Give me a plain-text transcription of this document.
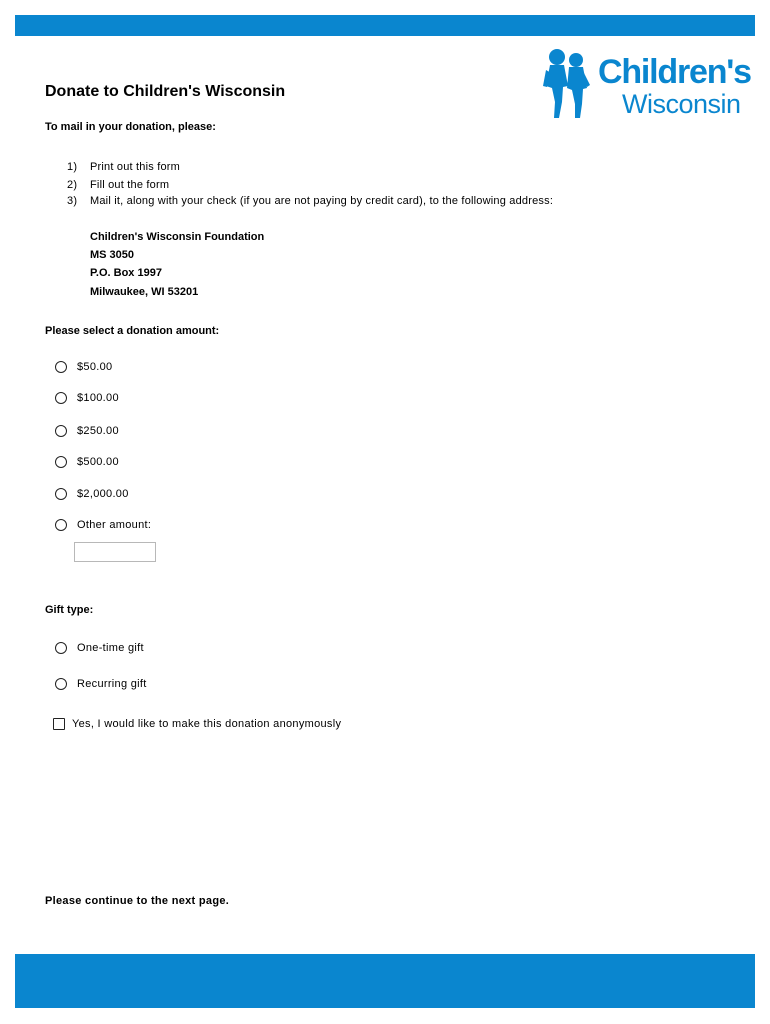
Children's
Wisconsin
Donate to Children's Wisconsin
To mail in your donation, please:
1) Print out this form
2) Fill out the form
3) Mail it, along with your check (if you are not paying by credit card), to the following address:
Children's Wisconsin Foundation
MS 3050
P.O. Box 1997
Milwaukee, WI 53201
Please select a donation amount:
$50.00
$100.00
$250.00
$500.00
$2,000.00
Other amount:
Gift type:
One-time gift
Recurring gift
Yes, I would like to make this donation anonymously
Please continue to the next page.
